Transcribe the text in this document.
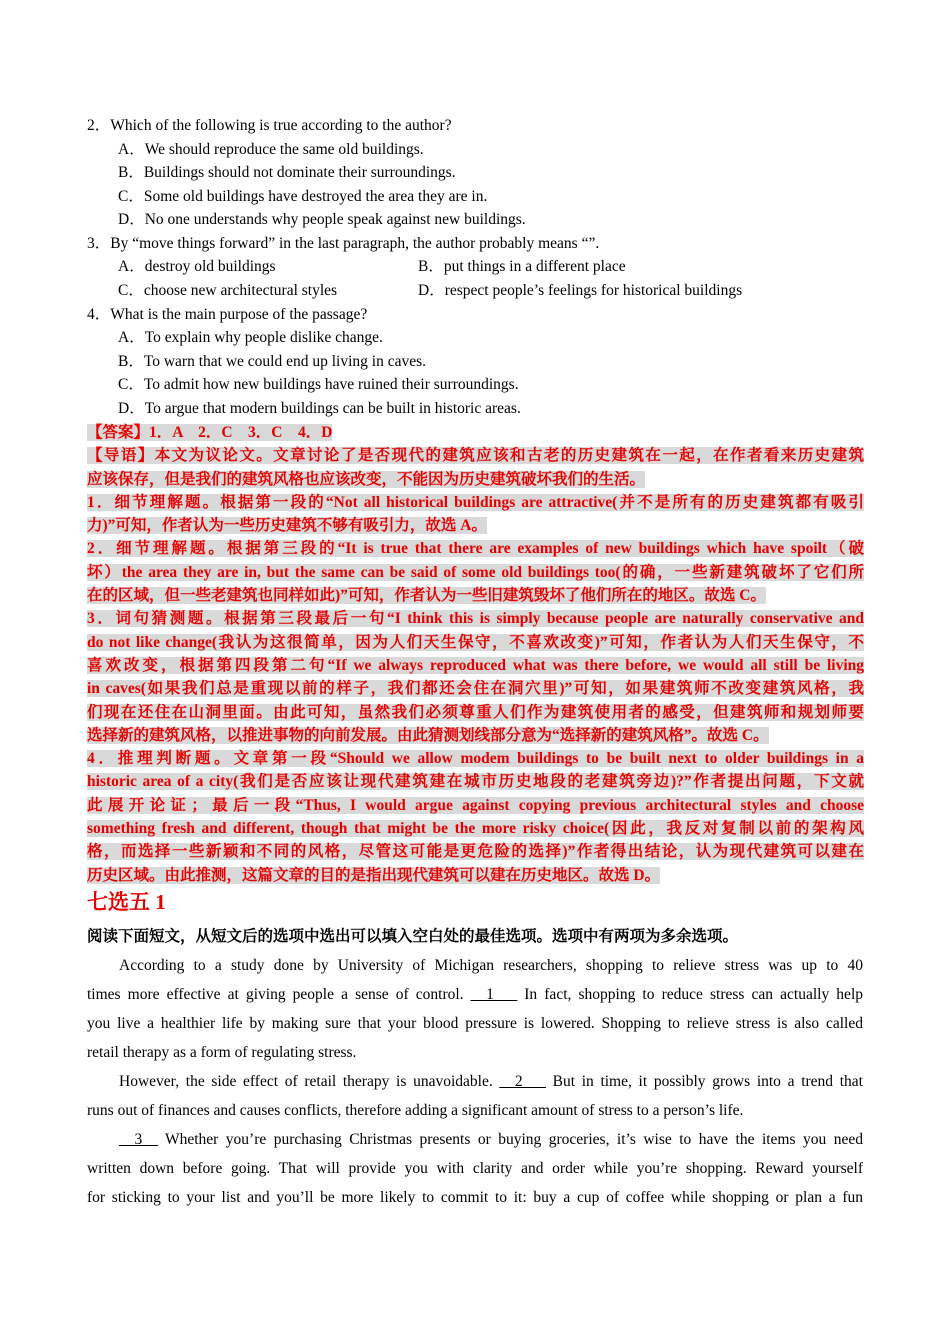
2．Which of the following is true according to the author?
A．We should reproduce the same old buildings.
B．Buildings should not dominate their surroundings.
C．Some old buildings have destroyed the area they are in.
D．No one understands why people speak against new buildings.
3．By “move things forward” in the last paragraph, the author probably means “”.
A．destroy old buildings	B．put things in a different place
C．choose new architectural styles	D．respect people’s feelings for historical buildings
4．What is the main purpose of the passage?
A．To explain why people dislike change.
B．To warn that we could end up living in caves.
C．To admit how new buildings have ruined their surroundings.
D．To argue that modern buildings can be built in historic areas.
【答案】1．A　2．C　3．C　4．D
【导语】本文为议论文。文章讨论了是否现代的建筑应该和古老的历史建筑在一起，在作者看来历史建筑
应该保存，但是我们的建筑风格也应该改变，不能因为历史建筑破坏我们的生活。
1．细节理解题。根据第一段的“Not all historical buildings are attractive(并不是所有的历史建筑都有吸引
力)”可知，作者认为一些历史建筑不够有吸引力，故选 A。
2．细节理解题。根据第三段的“It is true that there are examples of new buildings which have spoilt（破
坏）the area they are in, but the same can be said of some old buildings too(的确，一些新建筑破坏了它们所
在的区域，但一些老建筑也同样如此)”可知，作者认为一些旧建筑毁坏了他们所在的地区。故选 C。
3．词句猜测题。根据第三段最后一句“I think this is simply because people are naturally conservative and
do not like change(我认为这很简单，因为人们天生保守，不喜欢改变)”可知，作者认为人们天生保守，不
喜欢改变，根据第四段第二句“If we always reproduced what was there before, we would all still be living
in caves(如果我们总是重现以前的样子，我们都还会住在洞穴里)”可知，如果建筑师不改变建筑风格，我
们现在还住在山洞里面。由此可知，虽然我们必须尊重人们作为建筑使用者的感受，但建筑师和规划师要
选择新的建筑风格，以推进事物的向前发展。由此猜测划线部分意为“选择新的建筑风格”。故选 C。
4．推理判断题。文章第一段“Should we allow modem buildings to be built next to older buildings in a
historic area of a city(我们是否应该让现代建筑建在城市历史地段的老建筑旁边)?”作者提出问题，下文就
此展开论证；最后一段“Thus, I would argue against copying previous architectural styles and choose
something fresh and different, though that might be the more risky choice(因此，我反对复制以前的架构风
格，而选择一些新颖和不同的风格，尽管这可能是更危险的选择)”作者得出结论，认为现代建筑可以建在
历史区域。由此推测，这篇文章的目的是指出现代建筑可以建在历史地区。故选 D。
七选五 1
阅读下面短文，从短文后的选项中选出可以填入空白处的最佳选项。选项中有两项为多余选项。
According to a study done by University of Michigan researchers, shopping to relieve stress was up to 40
times more effective at giving people a sense of control. __1___ In fact, shopping to reduce stress can actually help
you live a healthier life by making sure that your blood pressure is lowered. Shopping to relieve stress is also called
retail therapy as a form of regulating stress.
However, the side effect of retail therapy is unavoidable. __2___ But in time, it possibly grows into a trend that
runs out of finances and causes conflicts, therefore adding a significant amount of stress to a person’s life.
__3__ Whether you’re purchasing Christmas presents or buying groceries, it’s wise to have the items you need
written down before going. That will provide you with clarity and order while you’re shopping. Reward yourself
for sticking to your list and you’ll be more likely to commit to it: buy a cup of coffee while shopping or plan a fun
